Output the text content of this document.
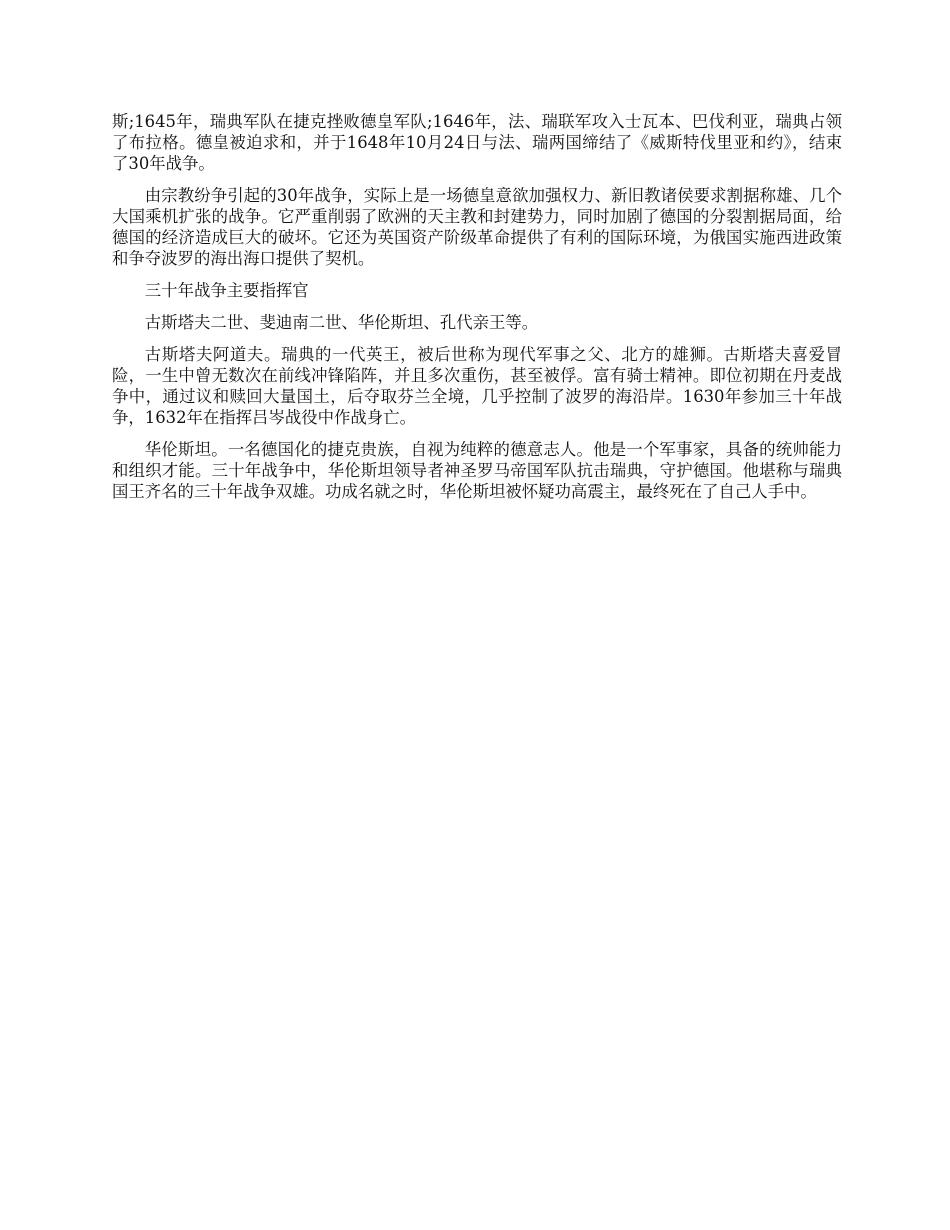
斯;1645年，瑞典军队在捷克挫败德皇军队;1646年，法、瑞联军攻入士瓦本、巴伐利亚，瑞典占领了布拉格。德皇被迫求和，并于1648年10月24日与法、瑞两国缔结了《威斯特伐里亚和约》，结束了30年战争。

由宗教纷争引起的30年战争，实际上是一场德皇意欲加强权力、新旧教诸侯要求割据称雄、几个大国乘机扩张的战争。它严重削弱了欧洲的天主教和封建势力，同时加剧了德国的分裂割据局面，给德国的经济造成巨大的破坏。它还为英国资产阶级革命提供了有利的国际环境，为俄国实施西进政策和争夺波罗的海出海口提供了契机。

三十年战争主要指挥官

古斯塔夫二世、斐迪南二世、华伦斯坦、孔代亲王等。

古斯塔夫阿道夫。瑞典的一代英王，被后世称为现代军事之父、北方的雄狮。古斯塔夫喜爱冒险，一生中曾无数次在前线冲锋陷阵，并且多次重伤，甚至被俘。富有骑士精神。即位初期在丹麦战争中，通过议和赎回大量国土，后夺取芬兰全境，几乎控制了波罗的海沿岸。1630年参加三十年战争，1632年在指挥吕岑战役中作战身亡。

华伦斯坦。一名德国化的捷克贵族，自视为纯粹的德意志人。他是一个军事家，具备的统帅能力和组织才能。三十年战争中，华伦斯坦领导者神圣罗马帝国军队抗击瑞典，守护德国。他堪称与瑞典国王齐名的三十年战争双雄。功成名就之时，华伦斯坦被怀疑功高震主，最终死在了自己人手中。
